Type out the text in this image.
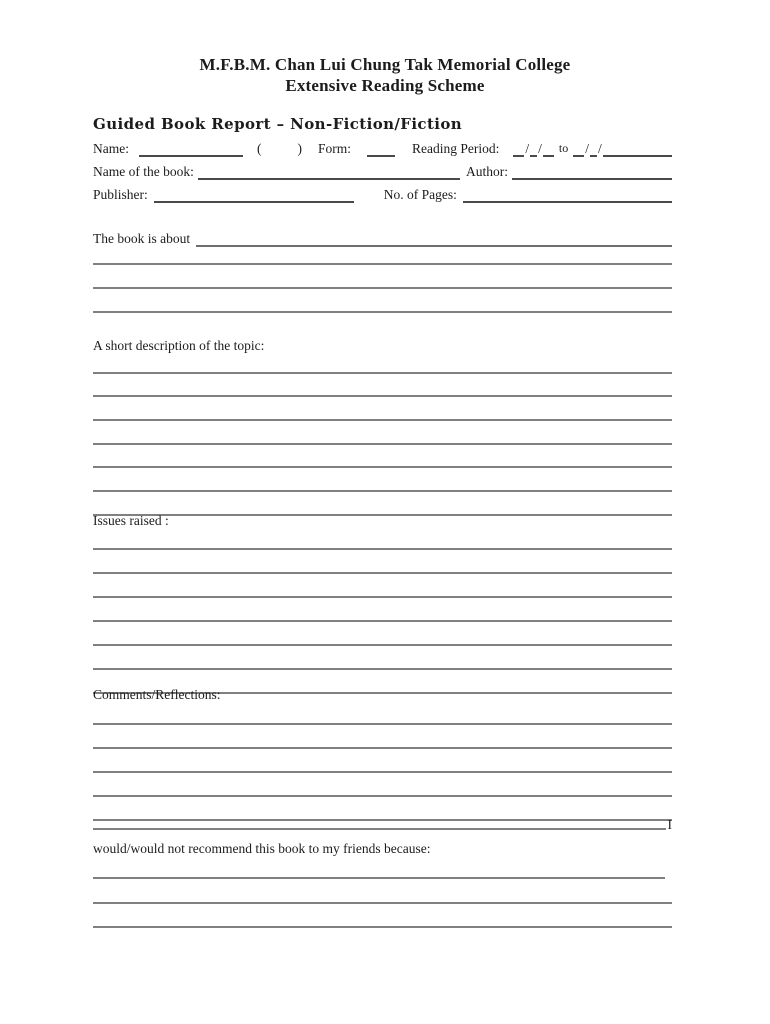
M.F.B.M. Chan Lui Chung Tak Memorial College
Extensive Reading Scheme
Guided Book Report – Non-Fiction/Fiction
Name:	(	) Form:	Reading Period: / / to / /
Name of the book:	Author:
Publisher:	No. of Pages:
The book is about
A short description of the topic:
Issues raised :
Comments/Reflections:
I
would/would not recommend this book to my friends because:
